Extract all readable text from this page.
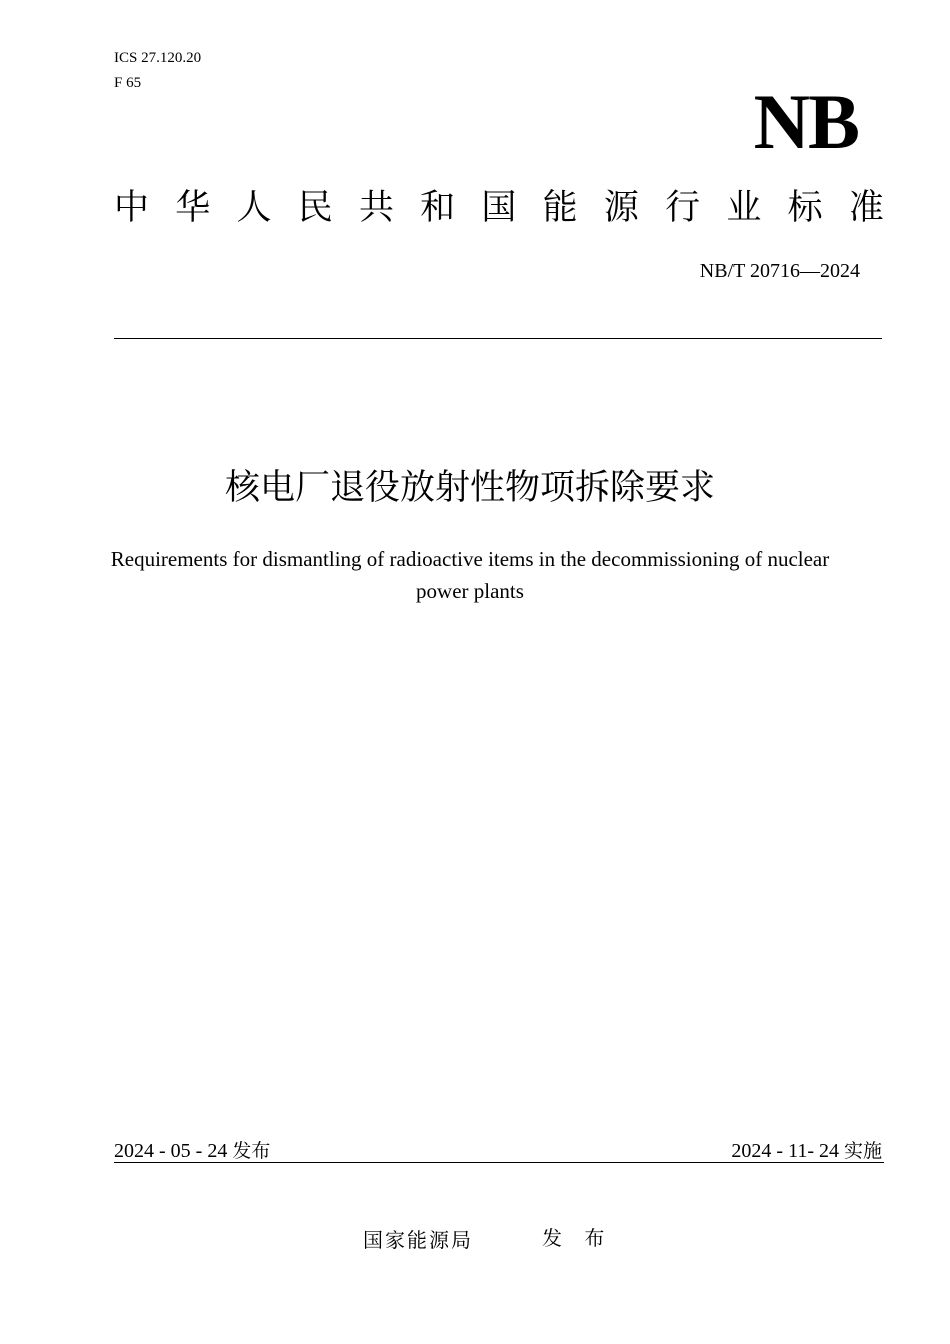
ICS 27.120.20
F 65	NB
中 华 人 民 共 和 国 能 源 行 业 标 准
NB/T 20716—2024
核电厂退役放射性物项拆除要求
Requirements for dismantling of radioactive items in the decommissioning of nuclear
power plants
2024 - 05 - 24 发布	2024 - 11- 24 实施
国家能源局	发 布
